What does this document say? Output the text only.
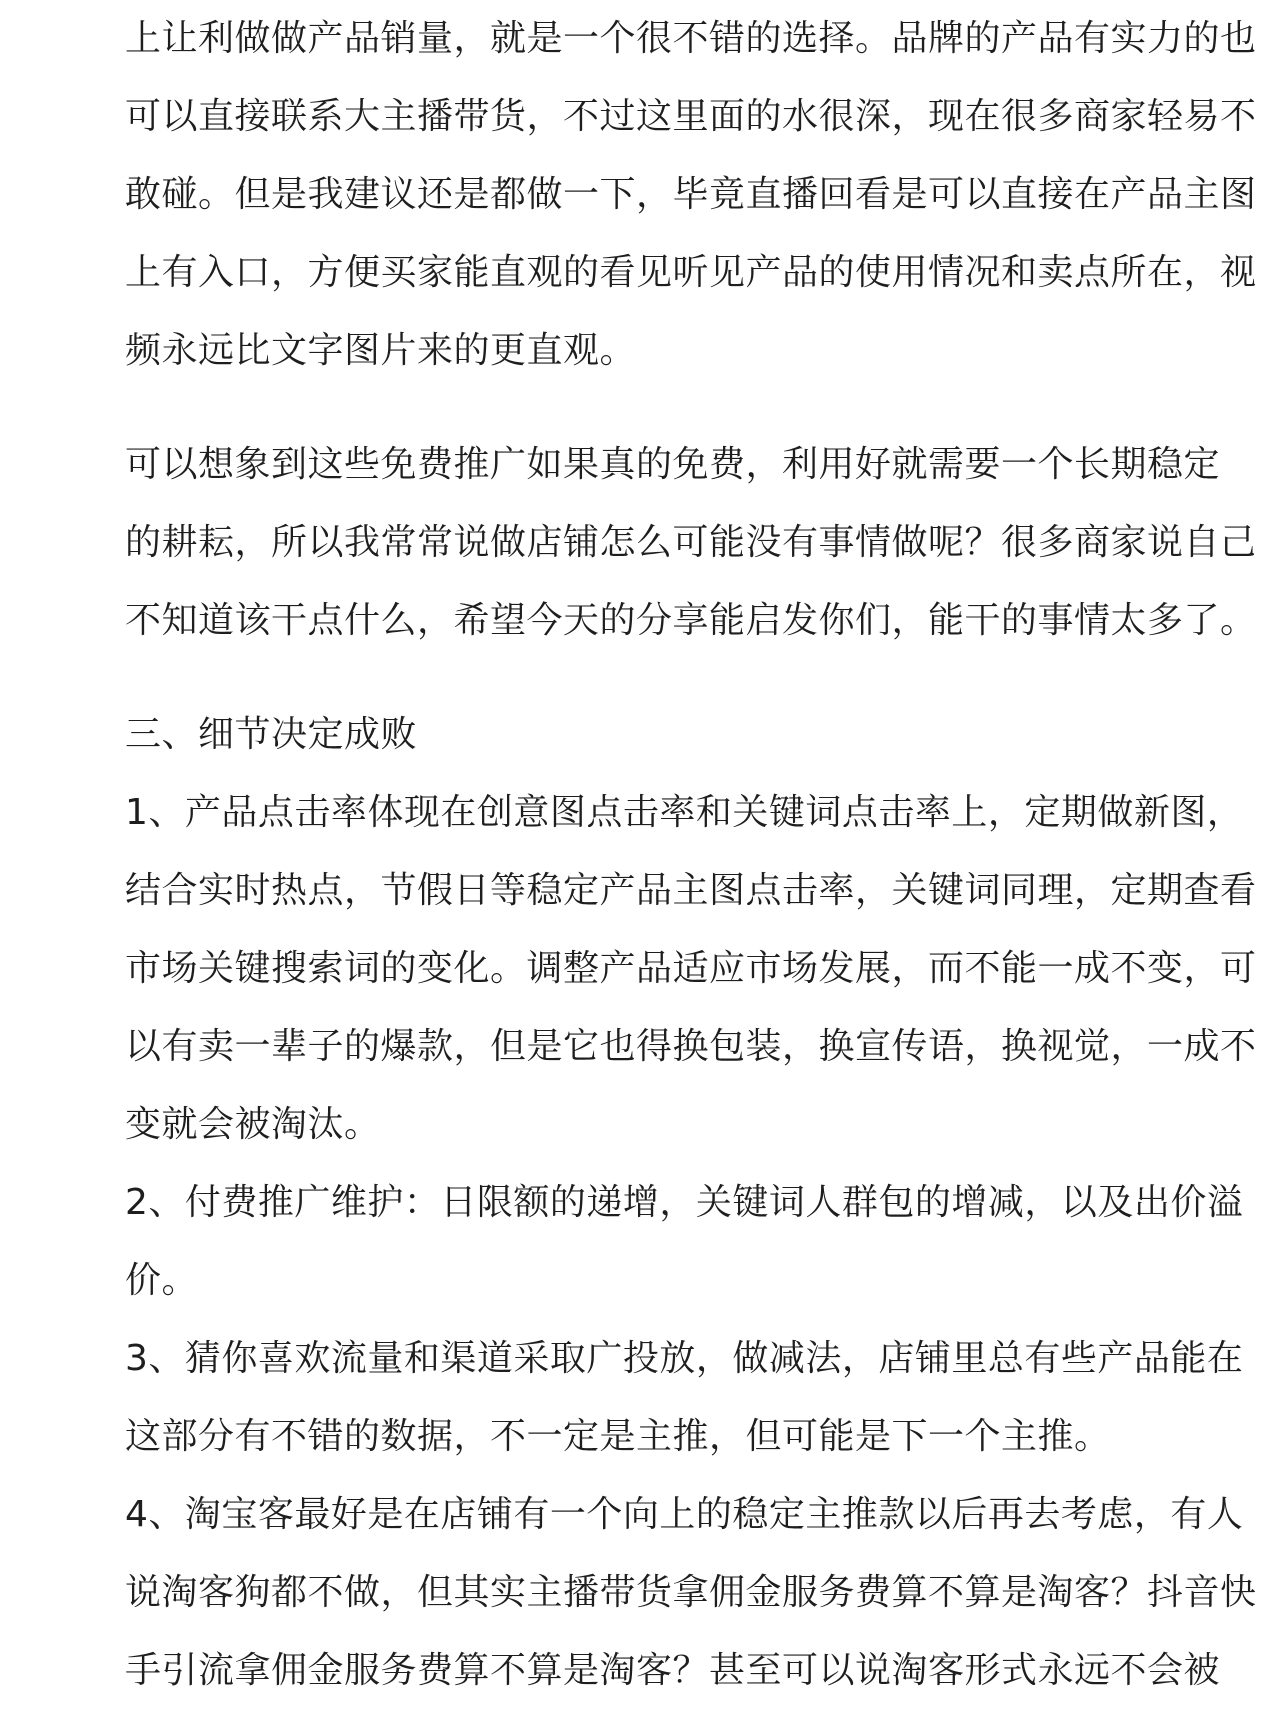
上让利做做产品销量，就是一个很不错的选择。品牌的产品有实力的也
可以直接联系大主播带货，不过这里面的水很深，现在很多商家轻易不
敢碰。但是我建议还是都做一下，毕竟直播回看是可以直接在产品主图
上有入口，方便买家能直观的看见听见产品的使用情况和卖点所在，视
频永远比文字图片来的更直观。
可以想象到这些免费推广如果真的免费，利用好就需要一个长期稳定
的耕耘，所以我常常说做店铺怎么可能没有事情做呢？很多商家说自己
不知道该干点什么，希望今天的分享能启发你们，能干的事情太多了。
三、细节决定成败
1、产品点击率体现在创意图点击率和关键词点击率上，定期做新图，
结合实时热点，节假日等稳定产品主图点击率，关键词同理，定期查看
市场关键搜索词的变化。调整产品适应市场发展，而不能一成不变，可
以有卖一辈子的爆款，但是它也得换包装，换宣传语，换视觉，一成不
变就会被淘汰。
2、付费推广维护：日限额的递增，关键词人群包的增减，以及出价溢
价。
3、猜你喜欢流量和渠道采取广投放，做减法，店铺里总有些产品能在
这部分有不错的数据，不一定是主推，但可能是下一个主推。
4、淘宝客最好是在店铺有一个向上的稳定主推款以后再去考虑，有人
说淘客狗都不做，但其实主播带货拿佣金服务费算不算是淘客？抖音快
手引流拿佣金服务费算不算是淘客？甚至可以说淘客形式永远不会被
